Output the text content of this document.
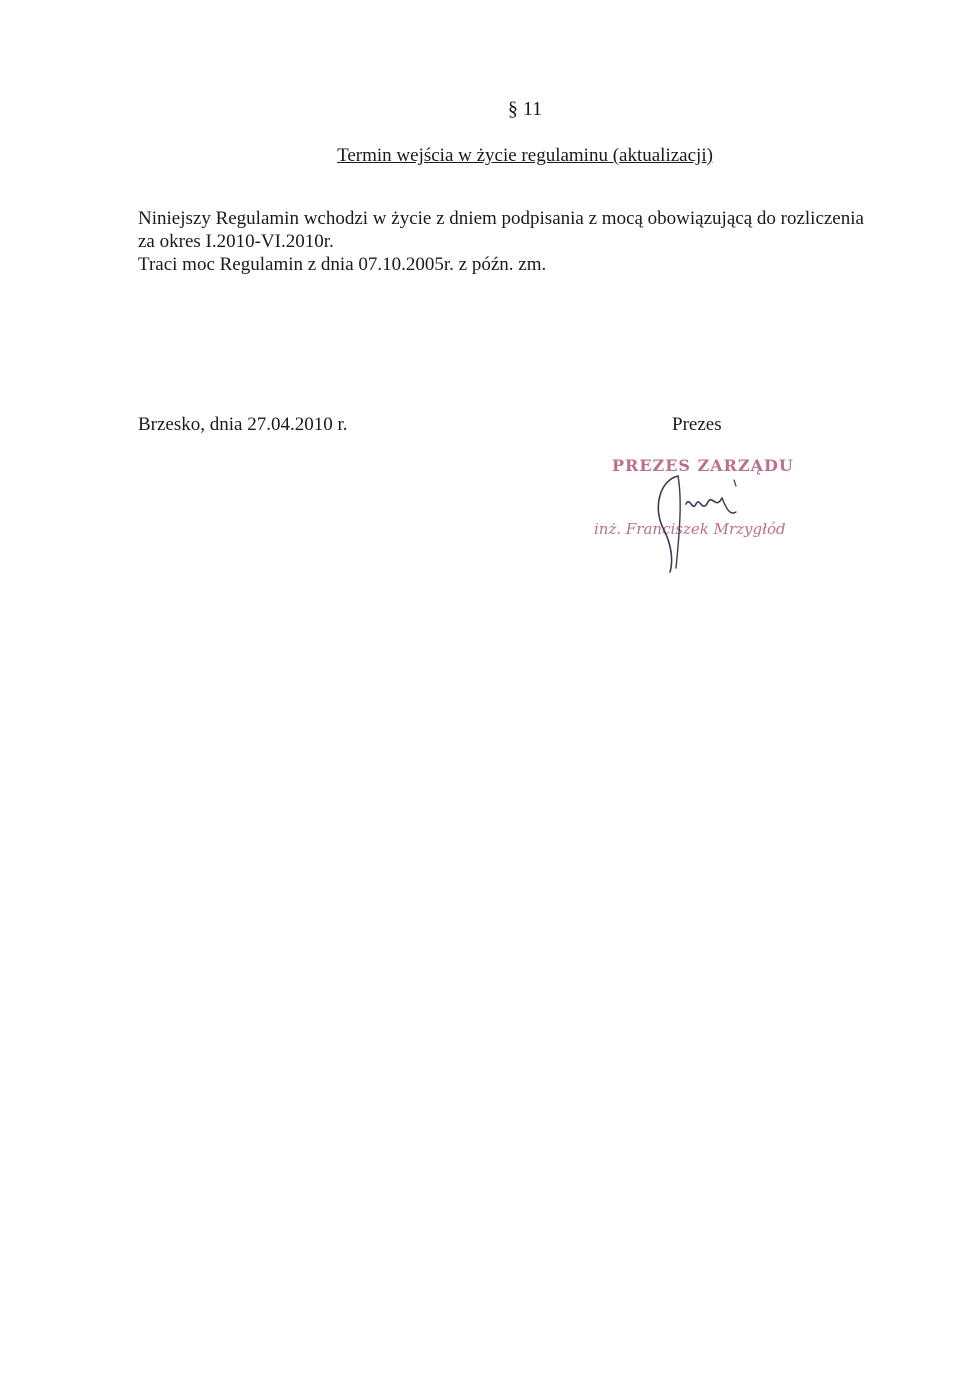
§ 11
Termin wejścia w życie regulaminu (aktualizacji)
Niniejszy Regulamin wchodzi w życie z dniem podpisania z mocą obowiązującą do rozliczenia
za okres I.2010-VI.2010r.
Traci moc Regulamin z dnia 07.10.2005r. z późn. zm.
Brzesko, dnia 27.04.2010 r.	Prezes
PREZES ZARZĄDU
inż. Franciszek Mrzygłód
